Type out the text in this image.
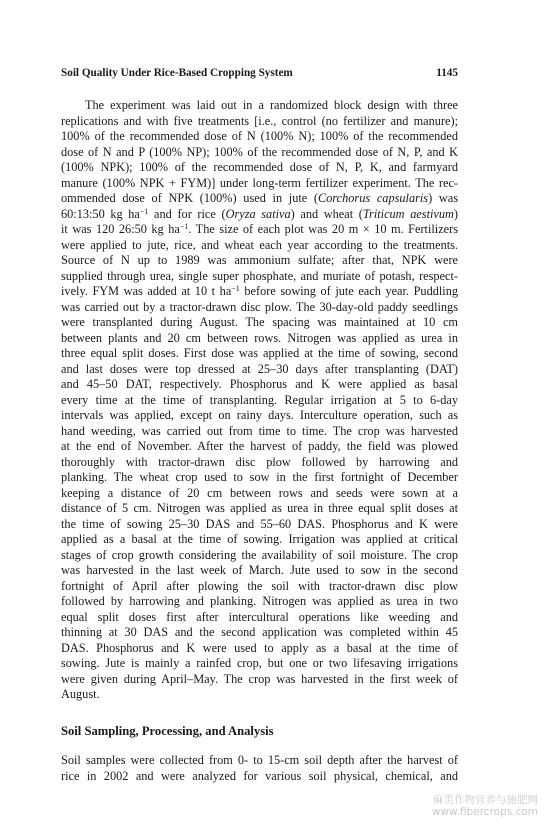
Soil Quality Under Rice-Based Cropping System	1145
The experiment was laid out in a randomized block design with three
replications and with five treatments [i.e., control (no fertilizer and manure);
100% of the recommended dose of N (100% N); 100% of the recommended
dose of N and P (100% NP); 100% of the recommended dose of N, P, and K
(100% NPK); 100% of the recommended dose of N, P, K, and farmyard
manure (100% NPK + FYM)] under long-term fertilizer experiment. The rec-
ommended dose of NPK (100%) used in jute (Corchorus capsularis) was
60:13:50 kg $ha^{-1}$ and for rice (Oryza sativa) and wheat (Triticum aestivum)
it was 120 26:50 kg $ha^{-1}$. The size of each plot was 20 m × 10 m. Fertilizers
were applied to jute, rice, and wheat each year according to the treatments.
Source of N up to 1989 was ammonium sulfate; after that, NPK were
supplied through urea, single super phosphate, and muriate of potash, respect-
ively. FYM was added at 10 t $ha^{-1}$ before sowing of jute each year. Puddling
was carried out by a tractor-drawn disc plow. The 30-day-old paddy seedlings
were transplanted during August. The spacing was maintained at 10 cm
between plants and 20 cm between rows. Nitrogen was applied as urea in
three equal split doses. First dose was applied at the time of sowing, second
and last doses were top dressed at 25–30 days after transplanting (DAT)
and 45–50 DAT, respectively. Phosphorus and K were applied as basal
every time at the time of transplanting. Regular irrigation at 5 to 6-day
intervals was applied, except on rainy days. Interculture operation, such as
hand weeding, was carried out from time to time. The crop was harvested
at the end of November. After the harvest of paddy, the field was plowed
thoroughly with tractor-drawn disc plow followed by harrowing and
planking. The wheat crop used to sow in the first fortnight of December
keeping a distance of 20 cm between rows and seeds were sown at a
distance of 5 cm. Nitrogen was applied as urea in three equal split doses at
the time of sowing 25–30 DAS and 55–60 DAS. Phosphorus and K were
applied as a basal at the time of sowing. Irrigation was applied at critical
stages of crop growth considering the availability of soil moisture. The crop
was harvested in the last week of March. Jute used to sow in the second
fortnight of April after plowing the soil with tractor-drawn disc plow
followed by harrowing and planking. Nitrogen was applied as urea in two
equal split doses first after intercultural operations like weeding and
thinning at 30 DAS and the second application was completed within 45
DAS. Phosphorus and K were used to apply as a basal at the time of
sowing. Jute is mainly a rainfed crop, but one or two lifesaving irrigations
were given during April–May. The crop was harvested in the first week of
August.
Soil Sampling, Processing, and Analysis
Soil samples were collected from 0- to 15-cm soil depth after the harvest of
rice in 2002 and were analyzed for various soil physical, chemical, and
麻类作物营养与施肥网
www.fibercrops.com
